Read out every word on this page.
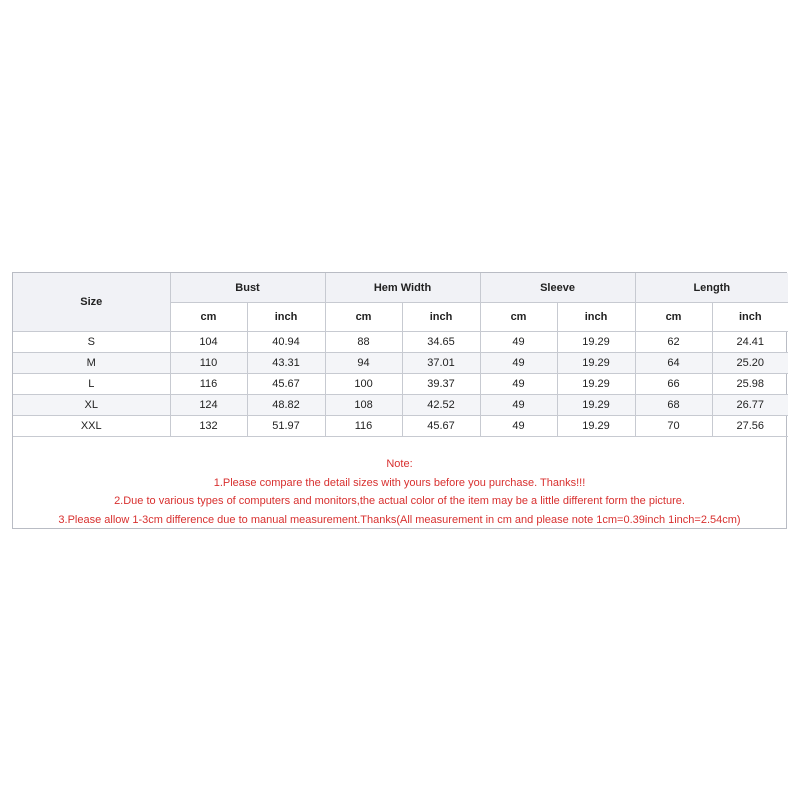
Size	Bust		Hem Width		Sleeve		Length	
	cm	inch	cm	inch	cm	inch	cm	inch
S	104	40.94	88	34.65	49	19.29	62	24.41
M	110	43.31	94	37.01	49	19.29	64	25.20
L	116	45.67	100	39.37	49	19.29	66	25.98
XL	124	48.82	108	42.52	49	19.29	68	26.77
XXL	132	51.97	116	45.67	49	19.29	70	27.56
Note:
1.Please compare the detail sizes with yours before you purchase. Thanks!!!
2.Due to various types of computers and monitors,the actual color of the item may be a little different form the picture.
3.Please allow 1-3cm difference due to manual measurement.Thanks(All measurement in cm and please note 1cm=0.39inch 1inch=2.54cm)
